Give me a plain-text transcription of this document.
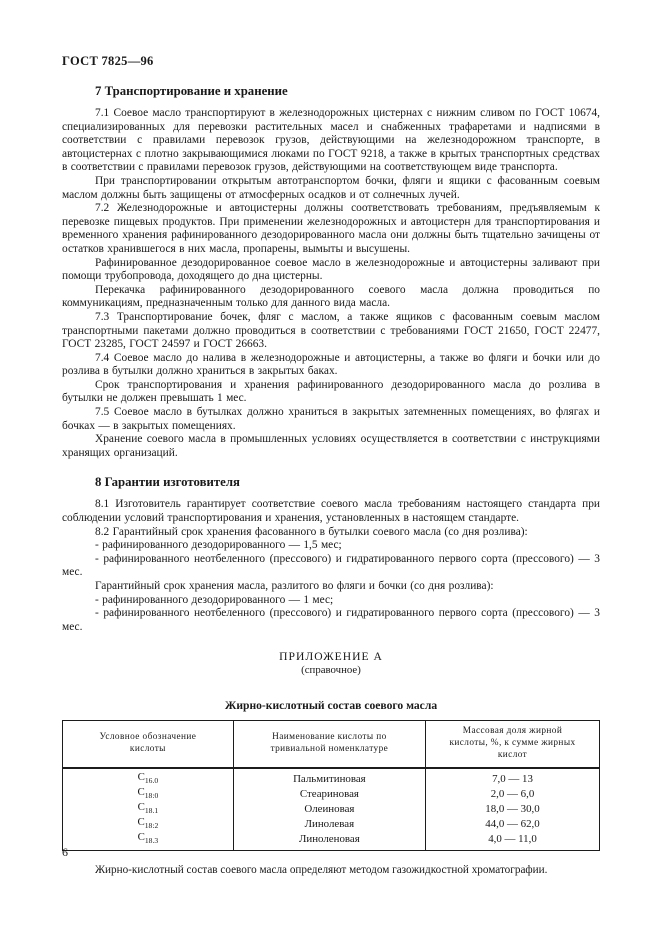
ГОСТ 7825—96
7 Транспортирование и хранение

7.1 Соевое масло транспортируют в железнодорожных цистернах с нижним сливом по ГОСТ 10674, специализированных для перевозки растительных масел и снабженных трафаретами и надписями в соответствии с правилами перевозок грузов, действующими на железнодорожном транспорте, в автоцистернах с плотно закрывающимися люками по ГОСТ 9218, а также в крытых транспортных средствах в соответствии с правилами перевозок грузов, действующими на соответствующем виде транспорта.

При транспортировании открытым автотранспортом бочки, фляги и ящики с фасованным соевым маслом должны быть защищены от атмосферных осадков и от солнечных лучей.

7.2 Железнодорожные и автоцистерны должны соответствовать требованиям, предъявляемым к перевозке пищевых продуктов. При применении железнодорожных и автоцистерн для транспортирования и временного хранения рафинированного дезодорированного масла они должны быть тщательно зачищены от остатков хранившегося в них масла, пропарены, вымыты и высушены.

Рафинированное дезодорированное соевое масло в железнодорожные и автоцистерны заливают при помощи трубопровода, доходящего до дна цистерны.

Перекачка рафинированного дезодорированного соевого масла должна проводиться по коммуникациям, предназначенным только для данного вида масла.

7.3 Транспортирование бочек, фляг с маслом, а также ящиков с фасованным соевым маслом транспортными пакетами должно проводиться в соответствии с требованиями ГОСТ 21650, ГОСТ 22477, ГОСТ 23285, ГОСТ 24597 и ГОСТ 26663.

7.4 Соевое масло до налива в железнодорожные и автоцистерны, а также во фляги и бочки или до розлива в бутылки должно храниться в закрытых баках.

Срок транспортирования и хранения рафинированного дезодорированного масла до розлива в бутылки не должен превышать 1 мес.

7.5 Соевое масло в бутылках должно храниться в закрытых затемненных помещениях, во флягах и бочках — в закрытых помещениях.

Хранение соевого масла в промышленных условиях осуществляется в соответствии с инструкциями хранящих организаций.

8 Гарантии изготовителя

8.1 Изготовитель гарантирует соответствие соевого масла требованиям настоящего стандарта при соблюдении условий транспортирования и хранения, установленных в настоящем стандарте.

8.2 Гарантийный срок хранения фасованного в бутылки соевого масла (со дня розлива):

- рафинированного дезодорированного — 1,5 мес;

- рафинированного неотбеленного (прессового) и гидратированного первого сорта (прессового) — 3 мес.

Гарантийный срок хранения масла, разлитого во фляги и бочки (со дня розлива):

- рафинированного дезодорированного — 1 мес;

- рафинированного неотбеленного (прессового) и гидратированного первого сорта (прессового) — 3 мес.

ПРИЛОЖЕНИЕ А
(справочное)
Жирно-кислотный состав соевого масла
Условное обозначение кислоты	Наименование кислоты по тривиальной номенклатуре	Массовая доля жирной кислоты, %, к сумме жирных кислот
$C_{16.0}$	Пальмитиновая	7,0 — 13
$C_{18:0}$	Стеариновая	2,0 — 6,0
$C_{18.1}$	Олеиновая	18,0 — 30,0
$C_{18:2}$	Линолевая	44,0 — 62,0
$C_{18.3}$	Линоленовая	4,0 — 11,0

Жирно-кислотный состав соевого масла определяют методом газожидкостной хроматографии.

6
